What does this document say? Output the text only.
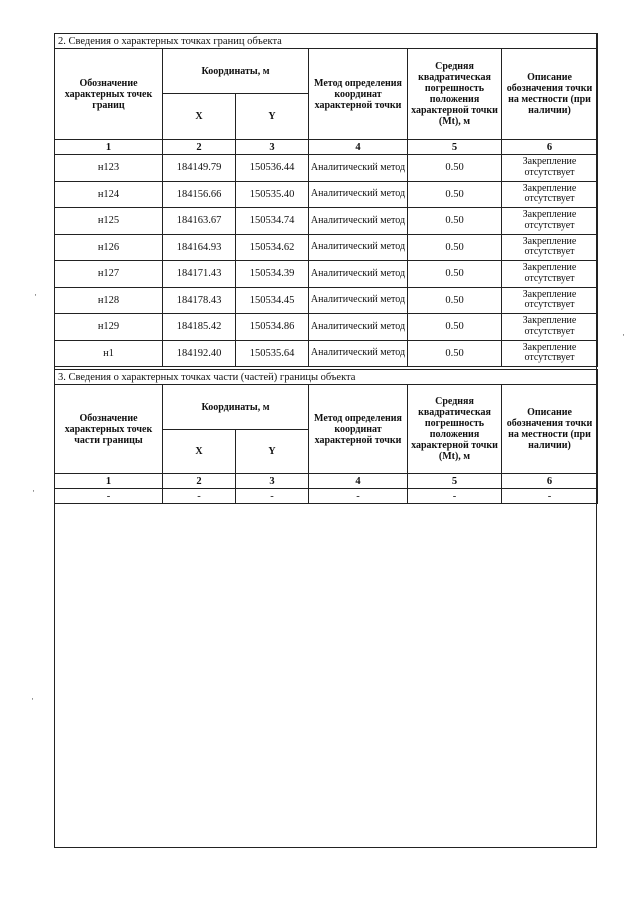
2. Сведения о характерных точках границ объекта					
Обозначение характерных точек границ	Координаты, м		Метод определения координат характерной точки	Средняя квадратическая погрешность положения характерной точки (Mt), м	Описание обозначения точки на местности (при наличии)
	X	Y			
1	2	3	4	5	6
н123	184149.79	150536.44	Аналитический метод	0.50	Закрепление отсутствует
н124	184156.66	150535.40	Аналитический метод	0.50	Закрепление отсутствует
н125	184163.67	150534.74	Аналитический метод	0.50	Закрепление отсутствует
н126	184164.93	150534.62	Аналитический метод	0.50	Закрепление отсутствует
н127	184171.43	150534.39	Аналитический метод	0.50	Закрепление отсутствует
н128	184178.43	150534.45	Аналитический метод	0.50	Закрепление отсутствует
н129	184185.42	150534.86	Аналитический метод	0.50	Закрепление отсутствует
н1	184192.40	150535.64	Аналитический метод	0.50	Закрепление отсутствует
3. Сведения о характерных точках части (частей) границы объекта					
Обозначение характерных точек части границы	Координаты, м		Метод определения координат характерной точки	Средняя квадратическая погрешность положения характерной точки (Mt), м	Описание обозначения точки на местности (при наличии)
	X	Y			
1	2	3	4	5	6
-	-	-	-	-	-
·
·
·
·
